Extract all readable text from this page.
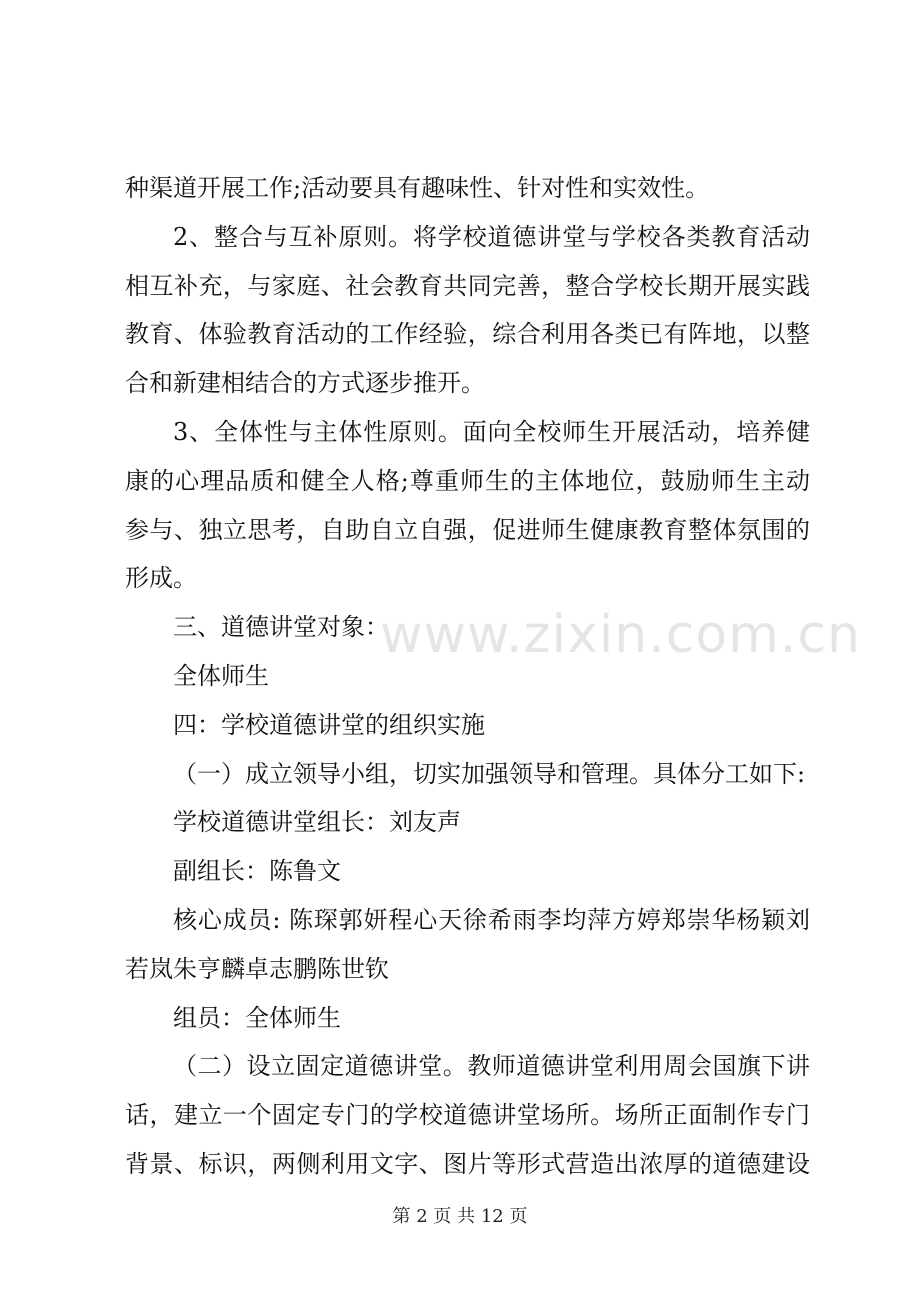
种渠道开展工作;活动要具有趣味性、针对性和实效性。
2、整合与互补原则。将学校道德讲堂与学校各类教育活动
相互补充，与家庭、社会教育共同完善，整合学校长期开展实践
教育、体验教育活动的工作经验，综合利用各类已有阵地，以整
合和新建相结合的方式逐步推开。
3、全体性与主体性原则。面向全校师生开展活动，培养健
康的心理品质和健全人格;尊重师生的主体地位，鼓励师生主动
参与、独立思考，自助自立自强，促进师生健康教育整体氛围的
形成。
三、道德讲堂对象：
全体师生
四：学校道德讲堂的组织实施
（一）成立领导小组，切实加强领导和管理。具体分工如下:
学校道德讲堂组长：刘友声
副组长：陈鲁文
核心成员: 陈琛郭妍程心天徐希雨李均萍方婷郑崇华杨颖刘
若岚朱亨麟卓志鹏陈世钦
组员：全体师生
（二）设立固定道德讲堂。教师道德讲堂利用周会国旗下讲
话，建立一个固定专门的学校道德讲堂场所。场所正面制作专门
背景、标识，两侧利用文字、图片等形式营造出浓厚的道德建设
www.zixin.com.cn
第 2 页 共 12 页
